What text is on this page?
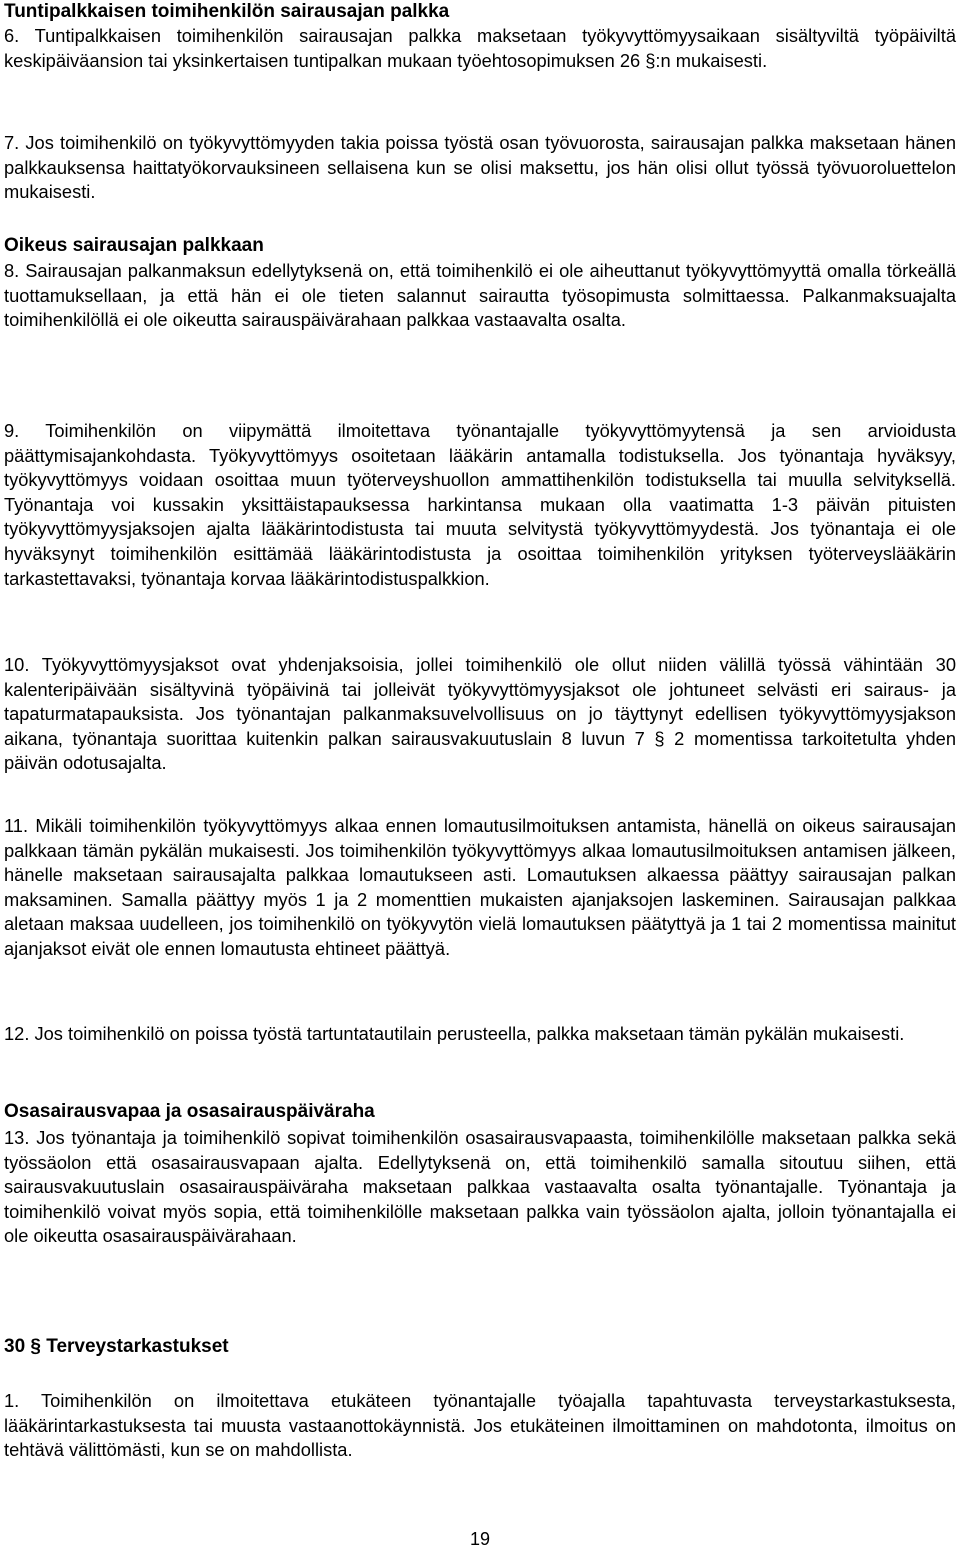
Tuntipalkkaisen toimihenkilön sairausajan palkka

6. Tuntipalkkaisen toimihenkilön sairausajan palkka maksetaan työkyvyttömyysaikaan sisältyviltä työpäiviltä keskipäiväansion tai yksinkertaisen tuntipalkan mukaan työehtosopimuksen 26 §:n mukaisesti.

7. Jos toimihenkilö on työkyvyttömyyden takia poissa työstä osan työvuorosta, sairausajan palkka maksetaan hänen palkkauksensa haittatyökorvauksineen sellaisena kun se olisi maksettu, jos hän olisi ollut työssä työvuoroluettelon mukaisesti.

Oikeus sairausajan palkkaan

8. Sairausajan palkanmaksun edellytyksenä on, että toimihenkilö ei ole aiheuttanut työkyvyttömyyttä omalla törkeällä tuottamuksellaan, ja että hän ei ole tieten salannut sairautta työsopimusta solmittaessa. Palkanmaksuajalta toimihenkilöllä ei ole oikeutta sairauspäivärahaan palkkaa vastaavalta osalta.

9. Toimihenkilön on viipymättä ilmoitettava työnantajalle työkyvyttömyytensä ja sen arvioidusta päättymisajankohdasta. Työkyvyttömyys osoitetaan lääkärin antamalla todistuksella. Jos työnantaja hyväksyy, työkyvyttömyys voidaan osoittaa muun työterveyshuollon ammattihenkilön todistuksella tai muulla selvityksellä. Työnantaja voi kussakin yksittäistapauksessa harkintansa mukaan olla vaatimatta 1-3 päivän pituisten työkyvyttömyysjaksojen ajalta lääkärintodistusta tai muuta selvitystä työkyvyttömyydestä. Jos työnantaja ei ole hyväksynyt toimihenkilön esittämää lääkärintodistusta ja osoittaa toimihenkilön yrityksen työterveyslääkärin tarkastettavaksi, työnantaja korvaa lääkärintodistuspalkkion.

10. Työkyvyttömyysjaksot ovat yhdenjaksoisia, jollei toimihenkilö ole ollut niiden välillä työssä vähintään 30 kalenteripäivään sisältyvinä työpäivinä tai jolleivät työkyvyttömyysjaksot ole johtuneet selvästi eri sairaus- ja tapaturmatapauksista. Jos työnantajan palkanmaksuvelvollisuus on jo täyttynyt edellisen työkyvyttömyysjakson aikana, työnantaja suorittaa kuitenkin palkan sairausvakuutuslain 8 luvun 7 § 2 momentissa tarkoitetulta yhden päivän odotusajalta.

11. Mikäli toimihenkilön työkyvyttömyys alkaa ennen lomautusilmoituksen antamista, hänellä on oikeus sairausajan palkkaan tämän pykälän mukaisesti. Jos toimihenkilön työkyvyttömyys alkaa lomautusilmoituksen antamisen jälkeen, hänelle maksetaan sairausajalta palkkaa lomautukseen asti. Lomautuksen alkaessa päättyy sairausajan palkan maksaminen. Samalla päättyy myös 1 ja 2 momenttien mukaisten ajanjaksojen laskeminen. Sairausajan palkkaa aletaan maksaa uudelleen, jos toimihenkilö on työkyvytön vielä lomautuksen päätyttyä ja 1 tai 2 momentissa mainitut ajanjaksot eivät ole ennen lomautusta ehtineet päättyä.

12. Jos toimihenkilö on poissa työstä tartuntatautilain perusteella, palkka maksetaan tämän pykälän mukaisesti.

Osasairausvapaa ja osasairauspäiväraha

13. Jos työnantaja ja toimihenkilö sopivat toimihenkilön osasairausvapaasta, toimihenkilölle maksetaan palkka sekä työssäolon että osasairausvapaan ajalta. Edellytyksenä on, että toimihenkilö samalla sitoutuu siihen, että sairausvakuutuslain osasairauspäiväraha maksetaan palkkaa vastaavalta osalta työnantajalle. Työnantaja ja toimihenkilö voivat myös sopia, että toimihenkilölle maksetaan palkka vain työssäolon ajalta, jolloin työnantajalla ei ole oikeutta osasairauspäivärahaan.

30 § Terveystarkastukset

1. Toimihenkilön on ilmoitettava etukäteen työnantajalle työajalla tapahtuvasta terveystarkastuksesta, lääkärintarkastuksesta tai muusta vastaanottokäynnistä. Jos etukäteinen ilmoittaminen on mahdotonta, ilmoitus on tehtävä välittömästi, kun se on mahdollista.

19
